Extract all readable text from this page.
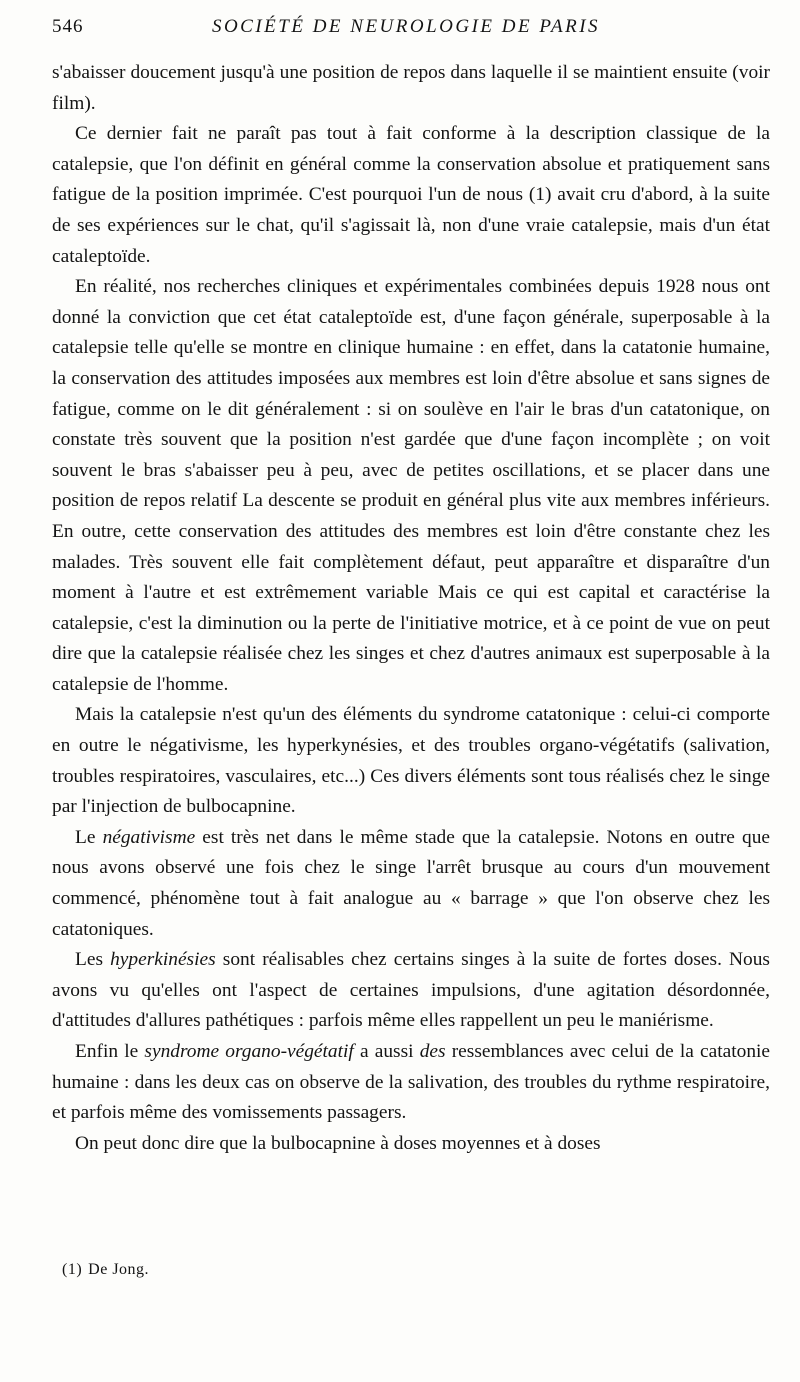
546	SOCIÉTÉ DE NEUROLOGIE DE PARIS

s'abaisser doucement jusqu'à une position de repos dans laquelle il se maintient ensuite (voir film).

Ce dernier fait ne paraît pas tout à fait conforme à la description classique de la catalepsie, que l'on définit en général comme la conservation absolue et pratiquement sans fatigue de la position imprimée. C'est pourquoi l'un de nous (1) avait cru d'abord, à la suite de ses expériences sur le chat, qu'il s'agissait là, non d'une vraie catalepsie, mais d'un état cataleptoïde.

En réalité, nos recherches cliniques et expérimentales combinées depuis 1928 nous ont donné la conviction que cet état cataleptoïde est, d'une façon générale, superposable à la catalepsie telle qu'elle se montre en clinique humaine : en effet, dans la catatonie humaine, la conservation des attitudes imposées aux membres est loin d'être absolue et sans signes de fatigue, comme on le dit généralement : si on soulève en l'air le bras d'un catatonique, on constate très souvent que la position n'est gardée que d'une façon incomplète ; on voit souvent le bras s'abaisser peu à peu, avec de petites oscillations, et se placer dans une position de repos relatif La descente se produit en général plus vite aux membres inférieurs. En outre, cette conservation des attitudes des membres est loin d'être constante chez les malades. Très souvent elle fait complètement défaut, peut apparaître et disparaître d'un moment à l'autre et est extrêmement variable Mais ce qui est capital et caractérise la catalepsie, c'est la diminution ou la perte de l'initiative motrice, et à ce point de vue on peut dire que la catalepsie réalisée chez les singes et chez d'autres animaux est superposable à la catalepsie de l'homme.

Mais la catalepsie n'est qu'un des éléments du syndrome catatonique : celui-ci comporte en outre le négativisme, les hyperkynésies, et des troubles organo-végétatifs (salivation, troubles respiratoires, vasculaires, etc...) Ces divers éléments sont tous réalisés chez le singe par l'injection de bulbocapnine.

Le négativisme est très net dans le même stade que la catalepsie. Notons en outre que nous avons observé une fois chez le singe l'arrêt brusque au cours d'un mouvement commencé, phénomène tout à fait analogue au « barrage » que l'on observe chez les catatoniques.

Les hyperkinésies sont réalisables chez certains singes à la suite de fortes doses. Nous avons vu qu'elles ont l'aspect de certaines impulsions, d'une agitation désordonnée, d'attitudes d'allures pathétiques : parfois même elles rappellent un peu le maniérisme.

Enfin le syndrome organo-végétatif a aussi des ressemblances avec celui de la catatonie humaine : dans les deux cas on observe de la salivation, des troubles du rythme respiratoire, et parfois même des vomissements passagers.

On peut donc dire que la bulbocapnine à doses moyennes et à doses

(1) De Jong.
